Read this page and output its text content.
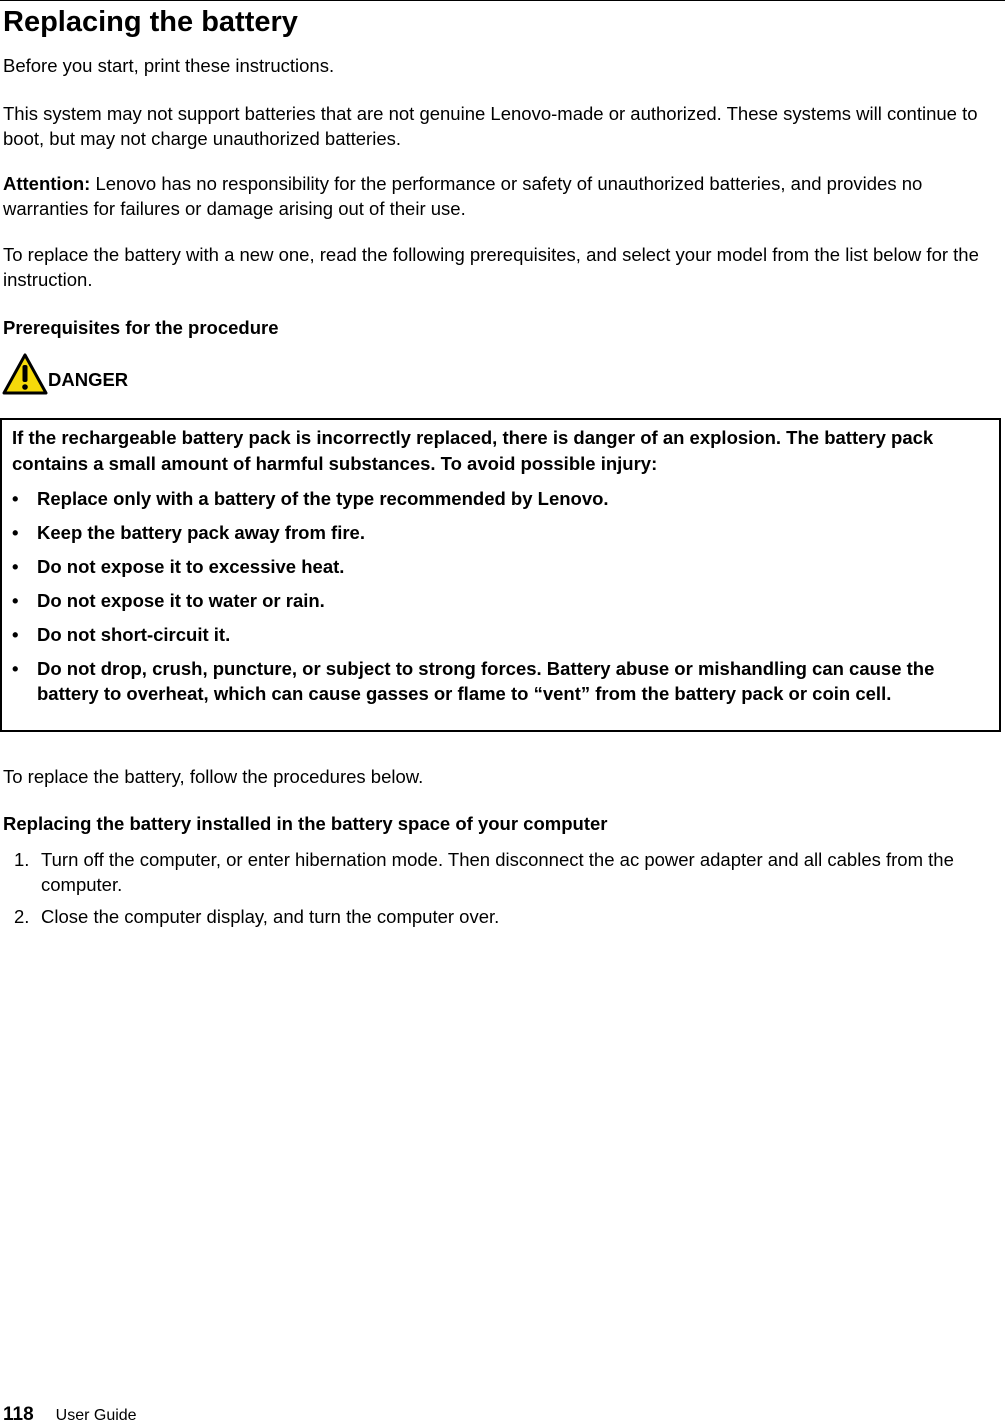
Replacing the battery

Before you start, print these instructions.

This system may not support batteries that are not genuine Lenovo-made or authorized. These systems will continue to boot, but may not charge unauthorized batteries.

Attention: Lenovo has no responsibility for the performance or safety of unauthorized batteries, and provides no warranties for failures or damage arising out of their use.

To replace the battery with a new one, read the following prerequisites, and select your model from the list below for the instruction.

Prerequisites for the procedure
DANGER

If the rechargeable battery pack is incorrectly replaced, there is danger of an explosion. The battery pack contains a small amount of harmful substances. To avoid possible injury:

•	Replace only with a battery of the type recommended by Lenovo.
•	Keep the battery pack away from fire.
•	Do not expose it to excessive heat.
•	Do not expose it to water or rain.
•	Do not short-circuit it.
•	Do not drop, crush, puncture, or subject to strong forces. Battery abuse or mishandling can cause the battery to overheat, which can cause gasses or flame to “vent” from the battery pack or coin cell.

To replace the battery, follow the procedures below.

Replacing the battery installed in the battery space of your computer
1. Turn off the computer, or enter hibernation mode. Then disconnect the ac power adapter and all cables from the computer.
2. Close the computer display, and turn the computer over.
118 User Guide
